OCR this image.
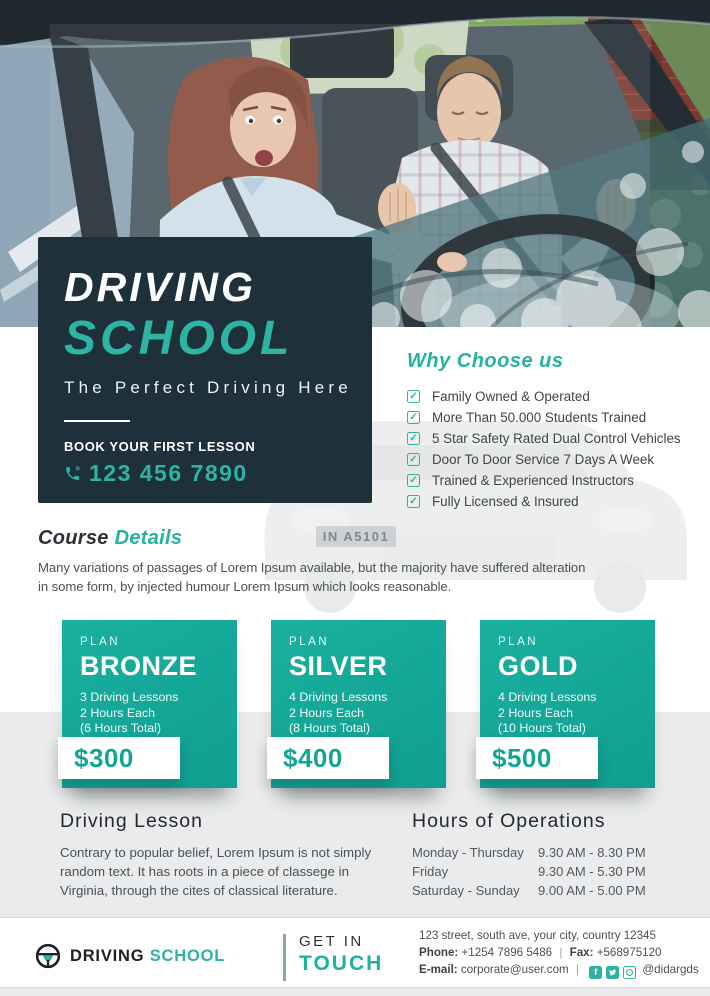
IN A5101
DRIVING
SCHOOL
The Perfect Driving Here
BOOK YOUR FIRST LESSON
123 456 7890
Why Choose us
✓ Family Owned & Operated
✓ More Than 50.000 Students Trained
✓ 5 Star Safety Rated Dual Control Vehicles
✓ Door To Door Service 7 Days A Week
✓ Trained & Experienced Instructors
✓ Fully Licensed & Insured
Course Details

Many variations of passages of Lorem Ipsum available, but the majority have suffered alteration in some form, by injected humour Lorem Ipsum which looks reasonable.

PLAN
BRONZE
3 Driving Lessons
2 Hours Each
(6 Hours Total)
$300
PLAN
SILVER
4 Driving Lessons
2 Hours Each
(8 Hours Total)
$400
PLAN
GOLD
4 Driving Lessons
2 Hours Each
(10 Hours Total)
$500
Driving Lesson

Contrary to popular belief, Lorem Ipsum is not simply random text. It has roots in a piece of classege in Virginia, through the cites of classical literature.

Hours of Operations
Monday - Thursday	9.30 AM - 8.30 PM
Friday	9.30 AM - 5.30 PM
Saturday - Sunday	9.00 AM - 5.00 PM
DRIVING SCHOOL
GET IN
TOUCH
123 street, south ave, your city, country 12345
Phone: +1254 7896 5486 | Fax: +568975120
E-mail: corporate@user.com |	f	@didargds
